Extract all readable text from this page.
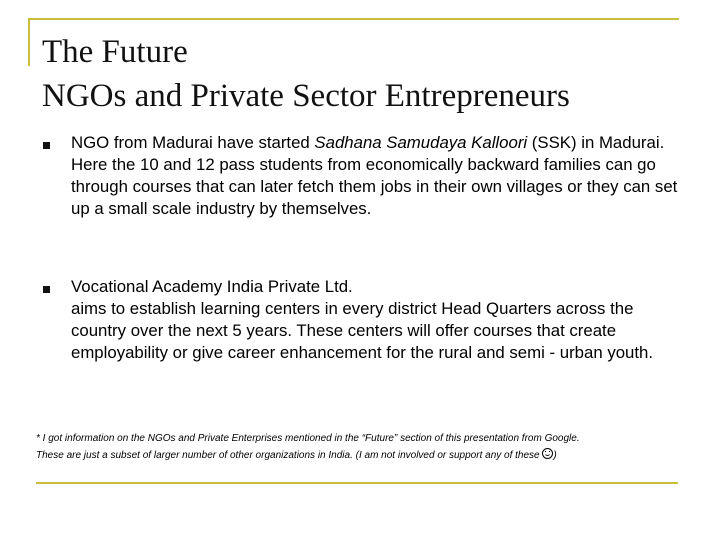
The Future
NGOs and Private Sector Entrepreneurs

NGO from Madurai have started Sadhana Samudaya Kalloori (SSK) in Madurai.

Here the 10 and 12 pass students from economically backward families can go through courses that can later fetch them jobs in their own villages or they can set up a small scale industry by themselves.

Vocational Academy India Private Ltd.

aims to establish learning centers in every district Head Quarters across the country over the next 5 years. These centers will offer courses that create employability or give career enhancement for the rural and semi - urban youth.

* I got information on the NGOs and Private Enterprises mentioned in the “Future” section of this presentation from Google.

These are just a subset of larger number of other organizations in India. (I am not involved or support any of these )
